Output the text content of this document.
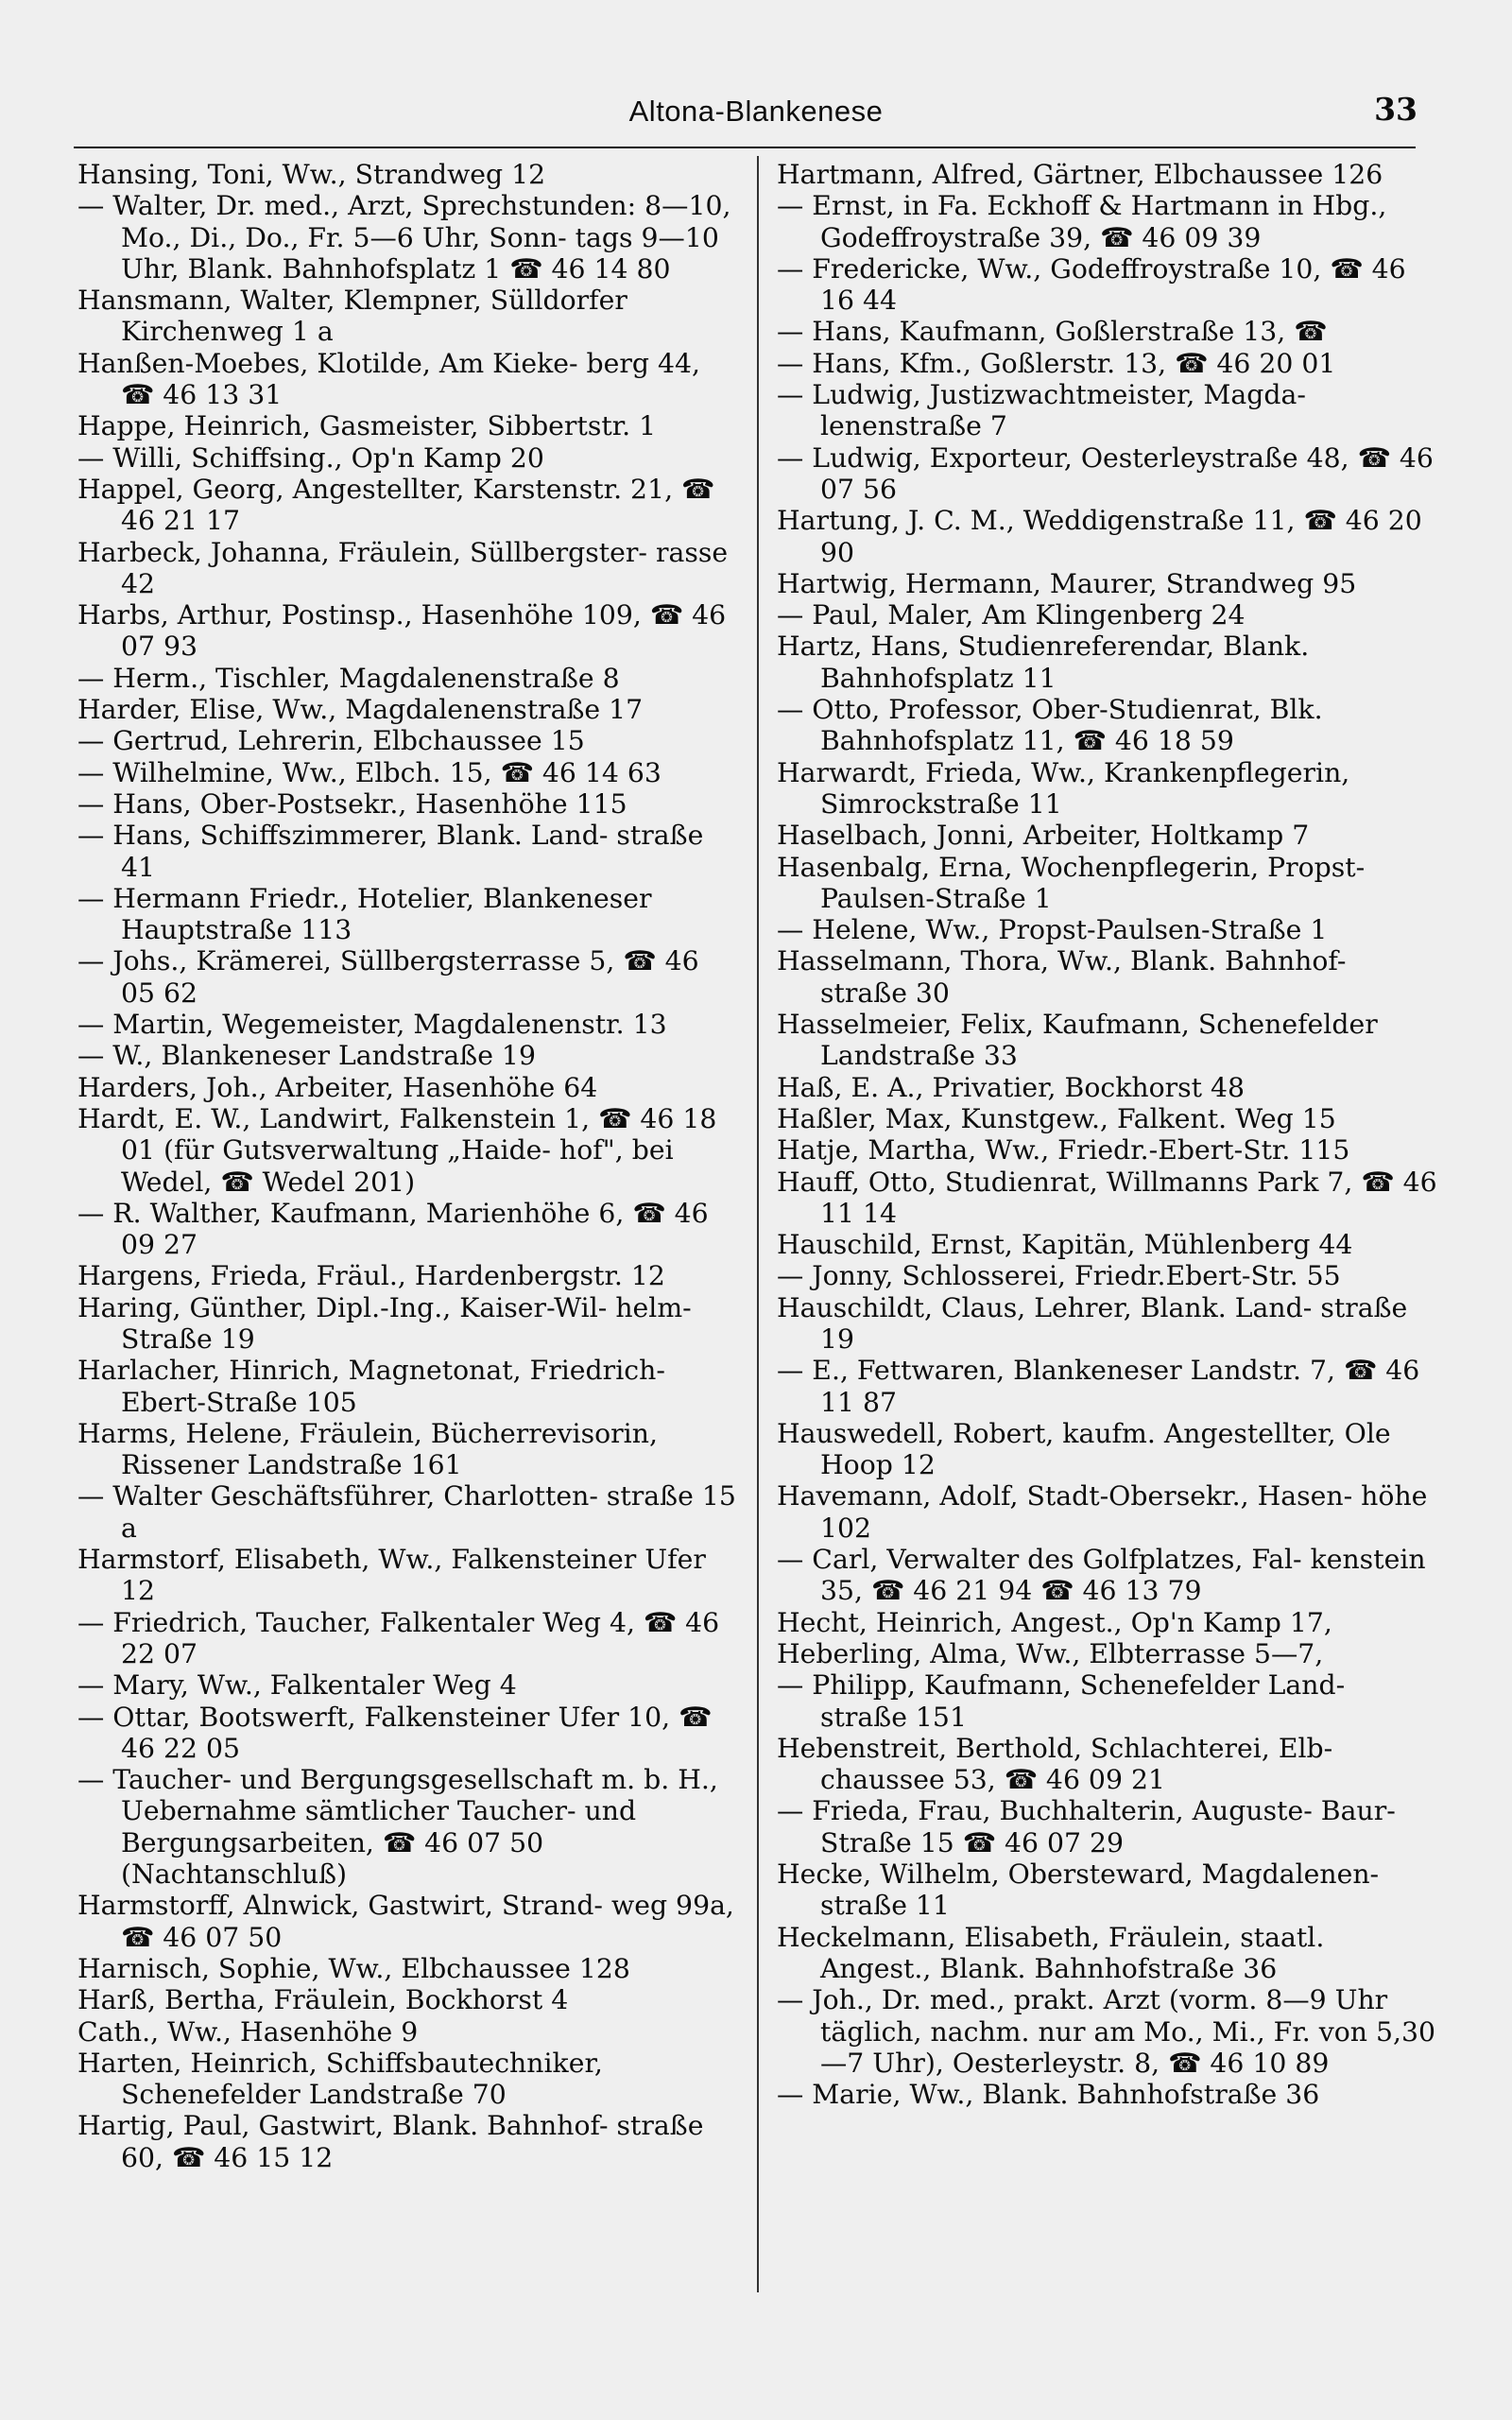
Altona-Blankenese	33

Hansing, Toni, Ww., Strandweg 12

— Walter, Dr. med., Arzt, Sprechstunden: 8—10, Mo., Di., Do., Fr. 5—6 Uhr, Sonn- tags 9—10 Uhr, Blank. Bahnhofsplatz 1 ☎ 46 14 80

Hansmann, Walter, Klempner, Sülldorfer Kirchenweg 1 a

Hanßen-Moebes, Klotilde, Am Kieke- berg 44, ☎ 46 13 31

Happe, Heinrich, Gasmeister, Sibbertstr. 1

— Willi, Schiffsing., Op'n Kamp 20

Happel, Georg, Angestellter, Karstenstr. 21, ☎ 46 21 17

Harbeck, Johanna, Fräulein, Süllbergster- rasse 42

Harbs, Arthur, Postinsp., Hasenhöhe 109, ☎ 46 07 93

— Herm., Tischler, Magdalenenstraße 8

Harder, Elise, Ww., Magdalenenstraße 17

— Gertrud, Lehrerin, Elbchaussee 15

— Wilhelmine, Ww., Elbch. 15, ☎ 46 14 63

— Hans, Ober-Postsekr., Hasenhöhe 115

— Hans, Schiffszimmerer, Blank. Land- straße 41

— Hermann Friedr., Hotelier, Blankeneser Hauptstraße 113

— Johs., Krämerei, Süllbergsterrasse 5, ☎ 46 05 62

— Martin, Wegemeister, Magdalenenstr. 13

— W., Blankeneser Landstraße 19

Harders, Joh., Arbeiter, Hasenhöhe 64

Hardt, E. W., Landwirt, Falkenstein 1, ☎ 46 18 01 (für Gutsverwaltung „Haide- hof", bei Wedel, ☎ Wedel 201)

— R. Walther, Kaufmann, Marienhöhe 6, ☎ 46 09 27

Hargens, Frieda, Fräul., Hardenbergstr. 12

Haring, Günther, Dipl.-Ing., Kaiser-Wil- helm-Straße 19

Harlacher, Hinrich, Magnetonat, Friedrich- Ebert-Straße 105

Harms, Helene, Fräulein, Bücherrevisorin, Rissener Landstraße 161

— Walter Geschäftsführer, Charlotten- straße 15 a

Harmstorf, Elisabeth, Ww., Falkensteiner Ufer 12

— Friedrich, Taucher, Falkentaler Weg 4, ☎ 46 22 07

— Mary, Ww., Falkentaler Weg 4

— Ottar, Bootswerft, Falkensteiner Ufer 10, ☎ 46 22 05

— Taucher- und Bergungsgesellschaft m. b. H., Uebernahme sämtlicher Taucher- und Bergungsarbeiten, ☎ 46 07 50 (Nachtanschluß)

Harmstorff, Alnwick, Gastwirt, Strand- weg 99a, ☎ 46 07 50

Harnisch, Sophie, Ww., Elbchaussee 128

Harß, Bertha, Fräulein, Bockhorst 4

Cath., Ww., Hasenhöhe 9

Harten, Heinrich, Schiffsbautechniker, Schenefelder Landstraße 70

Hartig, Paul, Gastwirt, Blank. Bahnhof- straße 60, ☎ 46 15 12

Hartmann, Alfred, Gärtner, Elbchaussee 126

— Ernst, in Fa. Eckhoff & Hartmann in Hbg., Godeffroystraße 39, ☎ 46 09 39

— Fredericke, Ww., Godeffroystraße 10, ☎ 46 16 44

— Hans, Kaufmann, Goßlerstraße 13, ☎

— Hans, Kfm., Goßlerstr. 13, ☎ 46 20 01

— Ludwig, Justizwachtmeister, Magda- lenenstraße 7

— Ludwig, Exporteur, Oesterleystraße 48, ☎ 46 07 56

Hartung, J. C. M., Weddigenstraße 11, ☎ 46 20 90

Hartwig, Hermann, Maurer, Strandweg 95

— Paul, Maler, Am Klingenberg 24

Hartz, Hans, Studienreferendar, Blank. Bahnhofsplatz 11

— Otto, Professor, Ober-Studienrat, Blk. Bahnhofsplatz 11, ☎ 46 18 59

Harwardt, Frieda, Ww., Krankenpflegerin, Simrockstraße 11

Haselbach, Jonni, Arbeiter, Holtkamp 7

Hasenbalg, Erna, Wochenpflegerin, Propst- Paulsen-Straße 1

— Helene, Ww., Propst-Paulsen-Straße 1

Hasselmann, Thora, Ww., Blank. Bahnhof- straße 30

Hasselmeier, Felix, Kaufmann, Schenefelder Landstraße 33

Haß, E. A., Privatier, Bockhorst 48

Haßler, Max, Kunstgew., Falkent. Weg 15

Hatje, Martha, Ww., Friedr.-Ebert-Str. 115

Hauff, Otto, Studienrat, Willmanns Park 7, ☎ 46 11 14

Hauschild, Ernst, Kapitän, Mühlenberg 44

— Jonny, Schlosserei, Friedr.Ebert-Str. 55

Hauschildt, Claus, Lehrer, Blank. Land- straße 19

— E., Fettwaren, Blankeneser Landstr. 7, ☎ 46 11 87

Hauswedell, Robert, kaufm. Angestellter, Ole Hoop 12

Havemann, Adolf, Stadt-Obersekr., Hasen- höhe 102

— Carl, Verwalter des Golfplatzes, Fal- kenstein 35, ☎ 46 21 94 ☎ 46 13 79

Hecht, Heinrich, Angest., Op'n Kamp 17,

Heberling, Alma, Ww., Elbterrasse 5—7,

— Philipp, Kaufmann, Schenefelder Land- straße 151

Hebenstreit, Berthold, Schlachterei, Elb- chaussee 53, ☎ 46 09 21

— Frieda, Frau, Buchhalterin, Auguste- Baur-Straße 15 ☎ 46 07 29

Hecke, Wilhelm, Obersteward, Magdalenen- straße 11

Heckelmann, Elisabeth, Fräulein, staatl. Angest., Blank. Bahnhofstraße 36

— Joh., Dr. med., prakt. Arzt (vorm. 8—9 Uhr täglich, nachm. nur am Mo., Mi., Fr. von 5,30—7 Uhr), Oesterleystr. 8, ☎ 46 10 89

— Marie, Ww., Blank. Bahnhofstraße 36
